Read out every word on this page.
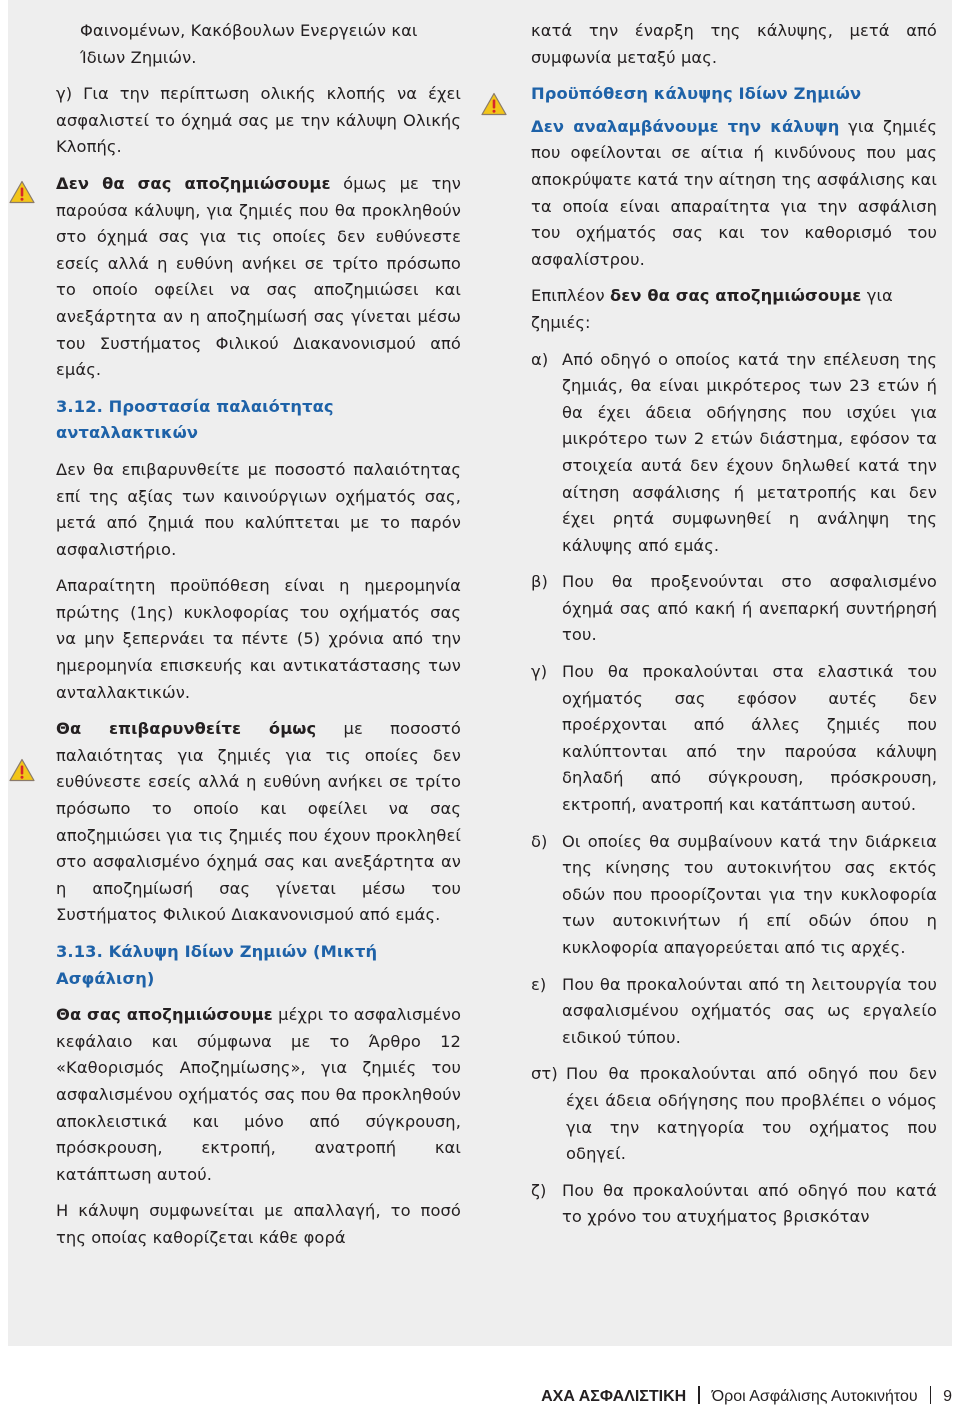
Φαινομένων, Κακόβουλων Ενεργειών και Ίδιων Ζημιών.

γ) Για την περίπτωση ολικής κλοπής να έχει ασφαλιστεί το όχημά σας με την κάλυψη Ολικής Κλοπής.

Δεν θα σας αποζημιώσουμε όμως με την παρούσα κάλυψη, για ζημιές που θα προκληθούν στο όχημά σας για τις οποίες δεν ευθύνεστε εσείς αλλά η ευθύνη ανήκει σε τρίτο πρόσωπο το οποίο οφείλει να σας αποζημιώσει και ανεξάρτητα αν η αποζημίωσή σας γίνεται μέσω του Συστήματος Φιλικού Διακανονισμού από εμάς.

3.12. Προστασία παλαιότητας ανταλλακτικών

Δεν θα επιβαρυνθείτε με ποσοστό παλαιότητας επί της αξίας των καινούργιων οχήματός σας, μετά από ζημιά που καλύπτεται με το παρόν ασφαλιστήριο.

Απαραίτητη προϋπόθεση είναι η ημερομηνία πρώτης (1ης) κυκλοφορίας του οχήματός σας να μην ξεπερνάει τα πέντε (5) χρόνια από την ημερομηνία επισκευής και αντικατάστασης των ανταλλακτικών.

Θα επιβαρυνθείτε όμως με ποσοστό παλαιότητας για ζημιές για τις οποίες δεν ευθύνεστε εσείς αλλά η ευθύνη ανήκει σε τρίτο πρόσωπο το οποίο και οφείλει να σας αποζημιώσει για τις ζημιές που έχουν προκληθεί στο ασφαλισμένο όχημά σας και ανεξάρτητα αν η αποζημίωσή σας γίνεται μέσω του Συστήματος Φιλικού Διακανονισμού από εμάς.

3.13. Κάλυψη Ιδίων Ζημιών (Μικτή Ασφάλιση)

Θα σας αποζημιώσουμε μέχρι το ασφαλισμένο κεφάλαιο και σύμφωνα με το Άρθρο 12 «Καθορισμός Αποζημίωσης», για ζημιές του ασφαλισμένου οχήματός σας που θα προκληθούν αποκλειστικά και μόνο από σύγκρουση, πρόσκρουση, εκτροπή, ανατροπή και κατάπτωση αυτού.

Η κάλυψη συμφωνείται με απαλλαγή, το ποσό της οποίας καθορίζεται κάθε φορά

κατά την έναρξη της κάλυψης, μετά από συμφωνία μεταξύ μας.

Προϋπόθεση κάλυψης Ιδίων Ζημιών

Δεν αναλαμβάνουμε την κάλυψη για ζημιές που οφείλονται σε αίτια ή κινδύνους που μας αποκρύψατε κατά την αίτηση της ασφάλισης και τα οποία είναι απαραίτητα για την ασφάλιση του οχήματός σας και τον καθορισμό του ασφαλίστρου.

Επιπλέον δεν θα σας αποζημιώσουμε για ζημιές:

α) Από οδηγό ο οποίος κατά την επέλευση της ζημιάς, θα είναι μικρότερος των 23 ετών ή θα έχει άδεια οδήγησης που ισχύει για μικρότερο των 2 ετών διάστημα, εφόσον τα στοιχεία αυτά δεν έχουν δηλωθεί κατά την αίτηση ασφάλισης ή μετατροπής και δεν έχει ρητά συμφωνηθεί η ανάληψη της κάλυψης από εμάς.
β) Που θα προξενούνται στο ασφαλισμένο όχημά σας από κακή ή ανεπαρκή συντήρησή του.
γ) Που θα προκαλούνται στα ελαστικά του οχήματός σας εφόσον αυτές δεν προέρχονται από άλλες ζημιές που καλύπτονται από την παρούσα κάλυψη δηλαδή από σύγκρουση, πρόσκρουση, εκτροπή, ανατροπή και κατάπτωση αυτού.
δ) Οι οποίες θα συμβαίνουν κατά την διάρκεια της κίνησης του αυτοκινήτου σας εκτός οδών που προορίζονται για την κυκλοφορία των αυτοκινήτων ή επί οδών όπου η κυκλοφορία απαγορεύεται από τις αρχές.
ε) Που θα προκαλούνται από τη λειτουργία του ασφαλισμένου οχήματός σας ως εργαλείο ειδικού τύπου.
στ) Που θα προκαλούνται από οδηγό που δεν έχει άδεια οδήγησης που προβλέπει ο νόμος για την κατηγορία του οχήματος που οδηγεί.
ζ) Που θα προκαλούνται από οδηγό που κατά το χρόνο του ατυχήματος βρισκόταν
AXA ΑΣΦΑΛΙΣΤΙΚΗ Όροι Ασφάλισης Αυτοκινήτου 9
